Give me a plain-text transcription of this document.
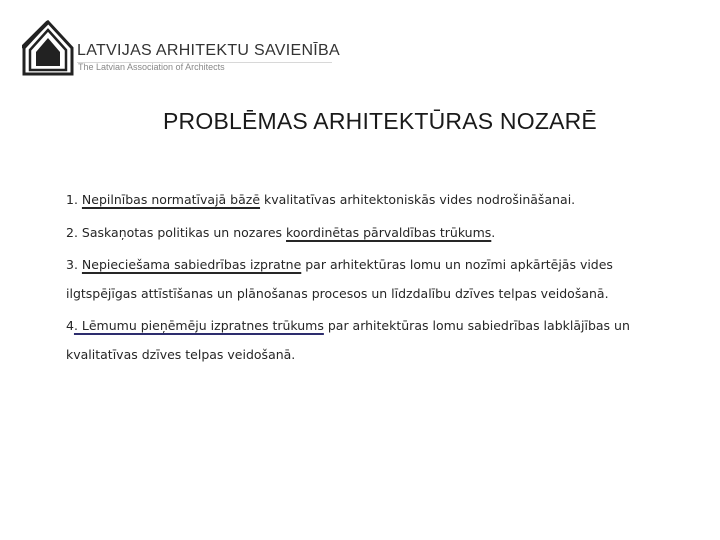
LATVIJAS ARHITEKTU SAVIENĪBA
The Latvian Association of Architects
PROBLĒMAS ARHITEKTŪRAS NOZARĒ
1. Nepilnības normatīvajā bāzē kvalitatīvas arhitektoniskās vides nodrošināšanai.
2. Saskaņotas politikas un nozares koordinētas pārvaldības trūkums.
3. Nepieciešama sabiedrības izpratne par arhitektūras lomu un nozīmi apkārtējās vides ilgtspējīgas attīstīšanas un plānošanas procesos un līdzdalību dzīves telpas veidošanā.
4. Lēmumu pieņēmēju izpratnes trūkums par arhitektūras lomu sabiedrības labklājības un kvalitatīvas dzīves telpas veidošanā.
